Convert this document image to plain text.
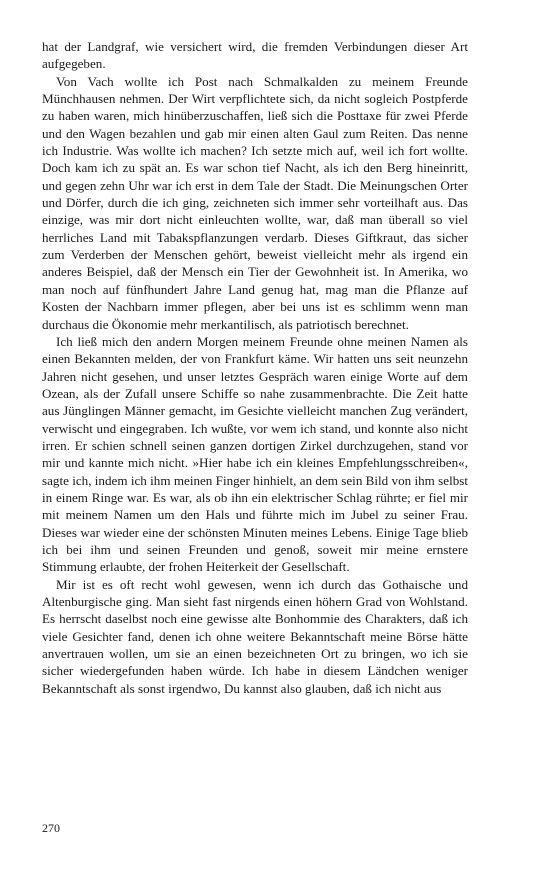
hat der Landgraf, wie versichert wird, die fremden Verbindungen dieser Art aufgegeben.

Von Vach wollte ich Post nach Schmalkalden zu meinem Freunde Münchhausen nehmen. Der Wirt verpflichtete sich, da nicht sogleich Postpferde zu haben waren, mich hinüberzuschaffen, ließ sich die Posttaxe für zwei Pferde und den Wagen bezahlen und gab mir einen alten Gaul zum Reiten. Das nenne ich Industrie. Was wollte ich machen? Ich setzte mich auf, weil ich fort wollte. Doch kam ich zu spät an. Es war schon tief Nacht, als ich den Berg hineinritt, und gegen zehn Uhr war ich erst in dem Tale der Stadt. Die Meinungschen Orter und Dörfer, durch die ich ging, zeichneten sich immer sehr vorteilhaft aus. Das einzige, was mir dort nicht einleuchten wollte, war, daß man überall so viel herrliches Land mit Tabakspflanzungen verdarb. Dieses Giftkraut, das sicher zum Verderben der Menschen gehört, beweist vielleicht mehr als irgend ein anderes Beispiel, daß der Mensch ein Tier der Gewohnheit ist. In Amerika, wo man noch auf fünfhundert Jahre Land genug hat, mag man die Pflanze auf Kosten der Nachbarn immer pflegen, aber bei uns ist es schlimm wenn man durchaus die Ökonomie mehr merkantilisch, als patriotisch berechnet.

Ich ließ mich den andern Morgen meinem Freunde ohne meinen Namen als einen Bekannten melden, der von Frankfurt käme. Wir hatten uns seit neunzehn Jahren nicht gesehen, und unser letztes Gespräch waren einige Worte auf dem Ozean, als der Zufall unsere Schiffe so nahe zusammenbrachte. Die Zeit hatte aus Jünglingen Männer gemacht, im Gesichte vielleicht manchen Zug verändert, verwischt und eingegraben. Ich wußte, vor wem ich stand, und konnte also nicht irren. Er schien schnell seinen ganzen dortigen Zirkel durchzugehen, stand vor mir und kannte mich nicht. »Hier habe ich ein kleines Empfehlungsschreiben«, sagte ich, indem ich ihm meinen Finger hinhielt, an dem sein Bild von ihm selbst in einem Ringe war. Es war, als ob ihn ein elektrischer Schlag rührte; er fiel mir mit meinem Namen um den Hals und führte mich im Jubel zu seiner Frau. Dieses war wieder eine der schönsten Minuten meines Lebens. Einige Tage blieb ich bei ihm und seinen Freunden und genoß, soweit mir meine ernstere Stimmung erlaubte, der frohen Heiterkeit der Gesellschaft.

Mir ist es oft recht wohl gewesen, wenn ich durch das Gothaische und Altenburgische ging. Man sieht fast nirgends einen höhern Grad von Wohlstand. Es herrscht daselbst noch eine gewisse alte Bonhommie des Charakters, daß ich viele Gesichter fand, denen ich ohne weitere Bekanntschaft meine Börse hätte anvertrauen wollen, um sie an einen bezeichneten Ort zu bringen, wo ich sie sicher wiedergefunden haben würde. Ich habe in diesem Ländchen weniger Bekanntschaft als sonst irgendwo, Du kannst also glauben, daß ich nicht aus

270
